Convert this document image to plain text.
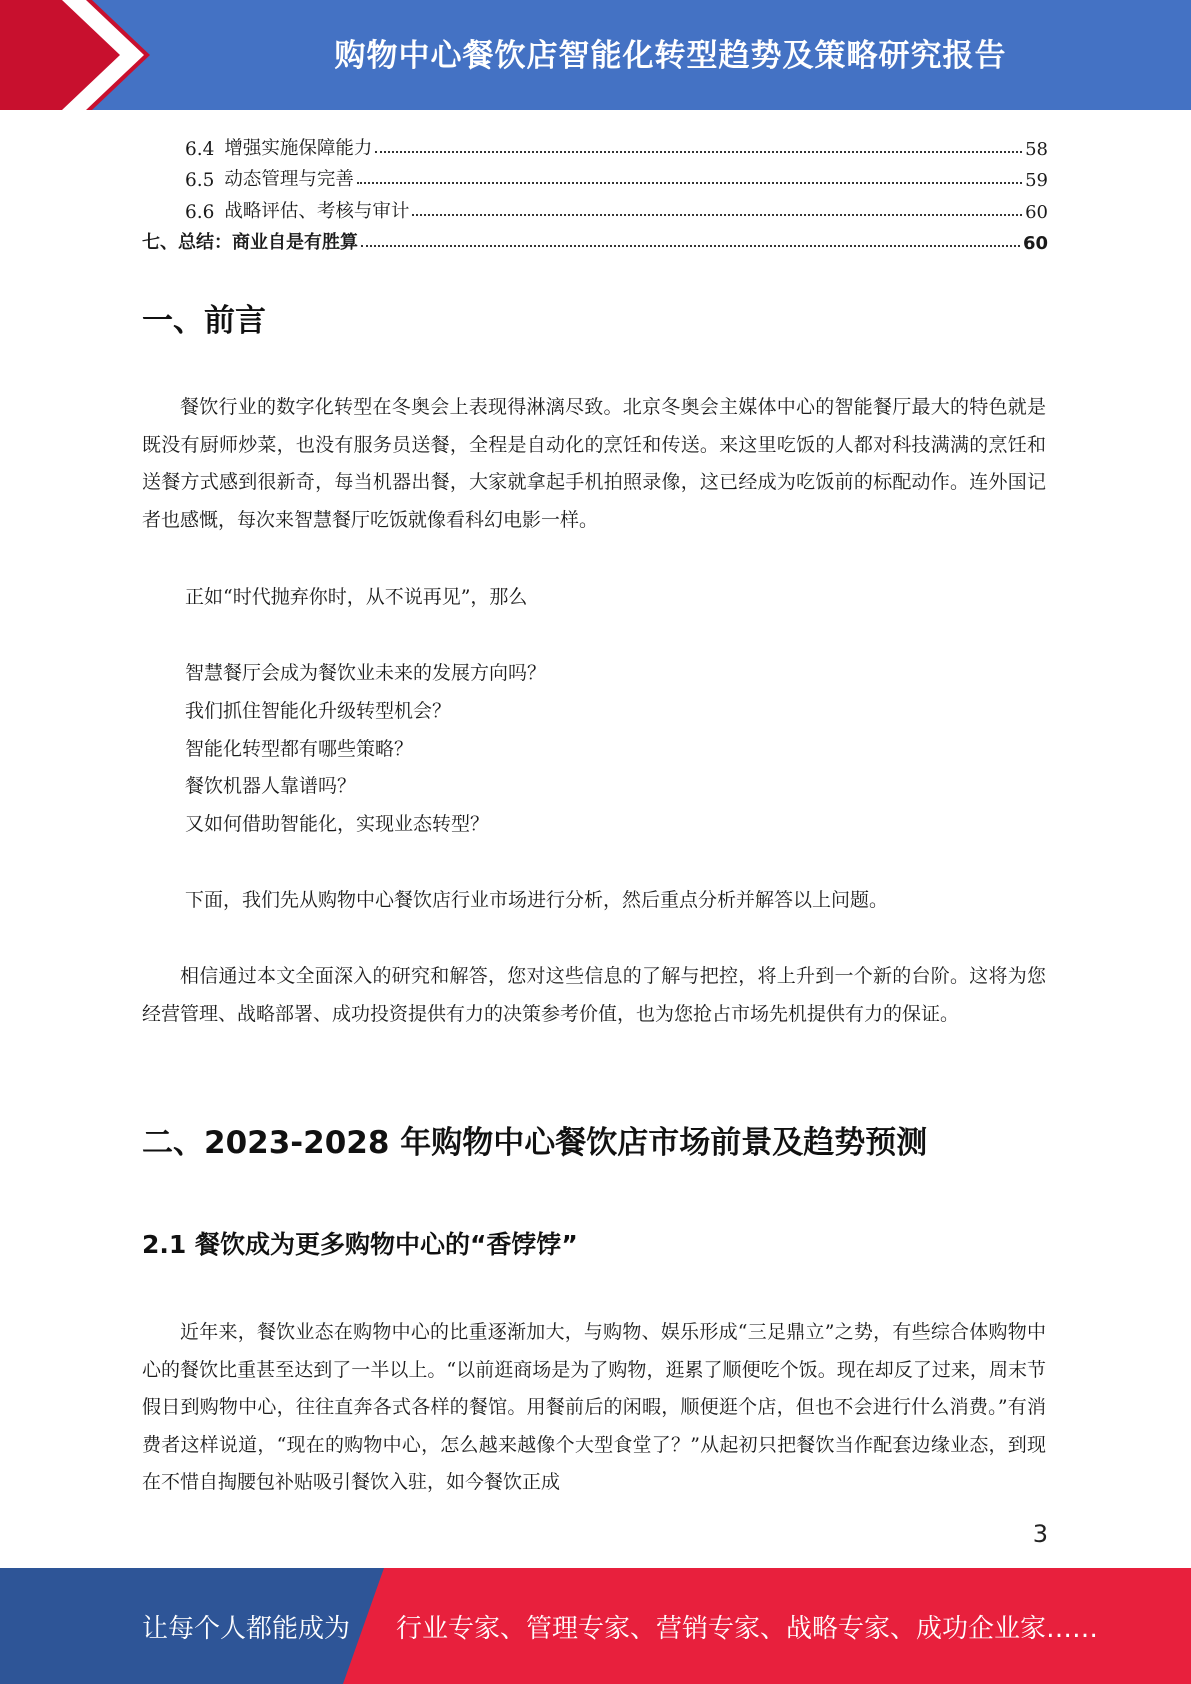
购物中心餐饮店智能化转型趋势及策略研究报告
6.4 增强实施保障能力	58
6.5 动态管理与完善	59
6.6 战略评估、考核与审计	60
七、总结：商业自是有胜算	60
一、前言
餐饮行业的数字化转型在冬奥会上表现得淋漓尽致。北京冬奥会主媒体中心的智能餐厅最大的特色就是既没有厨师炒菜，也没有服务员送餐，全程是自动化的烹饪和传送。来这里吃饭的人都对科技满满的烹饪和送餐方式感到很新奇，每当机器出餐，大家就拿起手机拍照录像，这已经成为吃饭前的标配动作。连外国记者也感慨，每次来智慧餐厅吃饭就像看科幻电影一样。
正如“时代抛弃你时，从不说再见”，那么
智慧餐厅会成为餐饮业未来的发展方向吗？
我们抓住智能化升级转型机会？
智能化转型都有哪些策略？
餐饮机器人靠谱吗？
又如何借助智能化，实现业态转型？
下面，我们先从购物中心餐饮店行业市场进行分析，然后重点分析并解答以上问题。
相信通过本文全面深入的研究和解答，您对这些信息的了解与把控，将上升到一个新的台阶。这将为您经营管理、战略部署、成功投资提供有力的决策参考价值，也为您抢占市场先机提供有力的保证。
二、2023-2028 年购物中心餐饮店市场前景及趋势预测
2.1 餐饮成为更多购物中心的“香饽饽”
近年来，餐饮业态在购物中心的比重逐渐加大，与购物、娱乐形成“三足鼎立”之势，有些综合体购物中心的餐饮比重甚至达到了一半以上。“以前逛商场是为了购物，逛累了顺便吃个饭。现在却反了过来，周末节假日到购物中心，往往直奔各式各样的餐馆。用餐前后的闲暇，顺便逛个店，但也不会进行什么消费。”有消费者这样说道，“现在的购物中心，怎么越来越像个大型食堂了？”从起初只把餐饮当作配套边缘业态，到现在不惜自掏腰包补贴吸引餐饮入驻，如今餐饮正成
3
让每个人都能成为 行业专家、管理专家、营销专家、战略专家、成功企业家……
